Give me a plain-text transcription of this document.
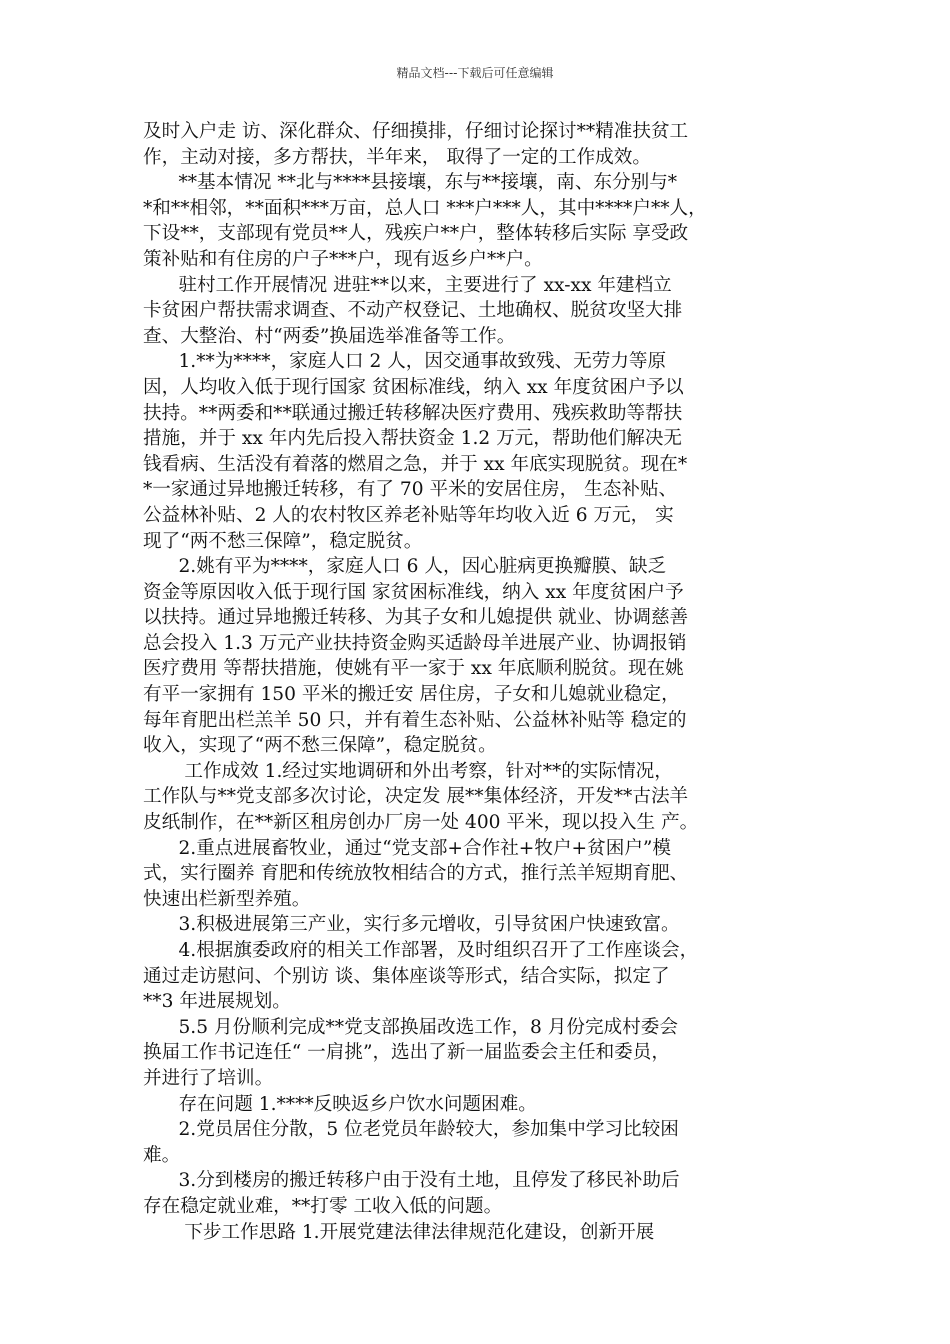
精品文档---下载后可任意编辑
及时入户走 访、深化群众、仔细摸排，仔细讨论探讨**精准扶贫工
作，主动对接，多方帮扶，半年来， 取得了一定的工作成效。
**基本情况 **北与****县接壤，东与**接壤，南、东分别与*
*和**相邻，**面积***万亩，总人口 ***户***人，其中****户**人，
下设**，支部现有党员**人，残疾户**户，整体转移后实际 享受政
策补贴和有住房的户子***户，现有返乡户**户。
驻村工作开展情况 进驻**以来，主要进行了 xx-xx 年建档立
卡贫困户帮扶需求调查、不动产权登记、土地确权、脱贫攻坚大排
查、大整治、村“两委”换届选举准备等工作。
1.**为****，家庭人口 2 人，因交通事故致残、无劳力等原
因，人均收入低于现行国家 贫困标准线，纳入 xx 年度贫困户予以
扶持。**两委和**联通过搬迁转移解决医疗费用、残疾救助等帮扶
措施，并于 xx 年内先后投入帮扶资金 1.2 万元，帮助他们解决无
钱看病、生活没有着落的燃眉之急，并于 xx 年底实现脱贫。现在*
*一家通过异地搬迁转移，有了 70 平米的安居住房， 生态补贴、
公益林补贴、2 人的农村牧区养老补贴等年均收入近 6 万元， 实
现了“两不愁三保障”，稳定脱贫。
2.姚有平为****，家庭人口 6 人，因心脏病更换瓣膜、缺乏
资金等原因收入低于现行国 家贫困标准线，纳入 xx 年度贫困户予
以扶持。通过异地搬迁转移、为其子女和儿媳提供 就业、协调慈善
总会投入 1.3 万元产业扶持资金购买适龄母羊进展产业、协调报销
医疗费用 等帮扶措施，使姚有平一家于 xx 年底顺利脱贫。现在姚
有平一家拥有 150 平米的搬迁安 居住房，子女和儿媳就业稳定，
每年育肥出栏羔羊 50 只，并有着生态补贴、公益林补贴等 稳定的
收入，实现了“两不愁三保障”，稳定脱贫。
工作成效 1.经过实地调研和外出考察，针对**的实际情况，
工作队与**党支部多次讨论，决定发 展**集体经济，开发**古法羊
皮纸制作，在**新区租房创办厂房一处 400 平米，现以投入生 产。
2.重点进展畜牧业，通过“党支部+合作社+牧户+贫困户”模
式，实行圈养 育肥和传统放牧相结合的方式，推行羔羊短期育肥、
快速出栏新型养殖。
3.积极进展第三产业，实行多元增收，引导贫困户快速致富。
4.根据旗委政府的相关工作部署，及时组织召开了工作座谈会，
通过走访慰问、个别访 谈、集体座谈等形式，结合实际，拟定了
**3 年进展规划。
5.5 月份顺利完成**党支部换届改选工作，8 月份完成村委会
换届工作书记连任“ 一肩挑”，选出了新一届监委会主任和委员，
并进行了培训。
存在问题 1.****反映返乡户饮水问题困难。
2.党员居住分散，5 位老党员年龄较大，参加集中学习比较困
难。
3.分到楼房的搬迁转移户由于没有土地，且停发了移民补助后
存在稳定就业难，**打零 工收入低的问题。
下步工作思路 1.开展党建法律法律规范化建设，创新开展
